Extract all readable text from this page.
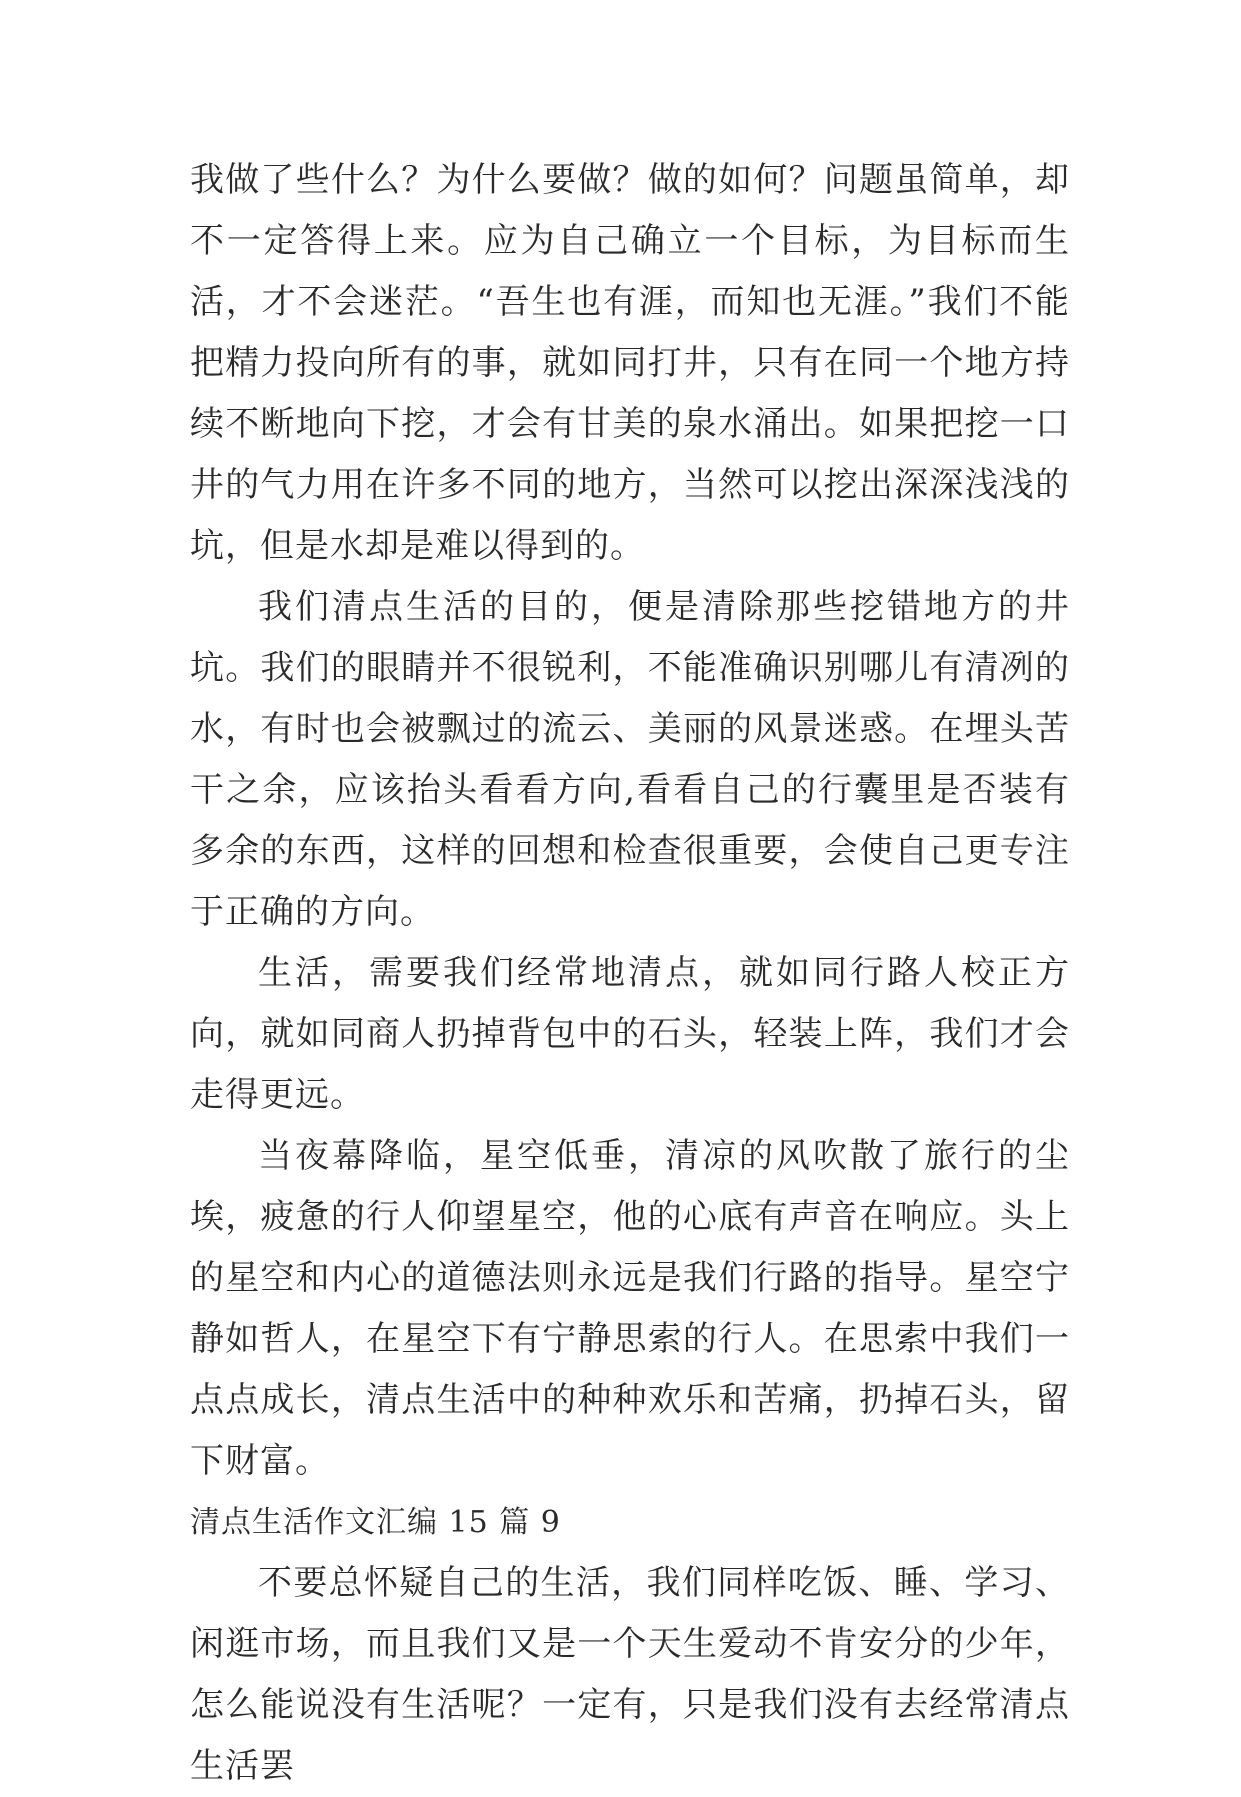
我做了些什么？为什么要做？做的如何？问题虽简单，却不一定答得上来。应为自己确立一个目标，为目标而生活，才不会迷茫。“吾生也有涯，而知也无涯。”我们不能把精力投向所有的事，就如同打井，只有在同一个地方持续不断地向下挖，才会有甘美的泉水涌出。如果把挖一口井的气力用在许多不同的地方，当然可以挖出深深浅浅的坑，但是水却是难以得到的。

我们清点生活的目的，便是清除那些挖错地方的井坑。我们的眼睛并不很锐利，不能准确识别哪儿有清冽的水，有时也会被飘过的流云、美丽的风景迷惑。在埋头苦干之余，应该抬头看看方向,看看自己的行囊里是否装有多余的东西，这样的回想和检查很重要，会使自己更专注于正确的方向。

生活，需要我们经常地清点，就如同行路人校正方向，就如同商人扔掉背包中的石头，轻装上阵，我们才会走得更远。

当夜幕降临，星空低垂，清凉的风吹散了旅行的尘埃，疲惫的行人仰望星空，他的心底有声音在响应。头上的星空和内心的道德法则永远是我们行路的指导。星空宁静如哲人，在星空下有宁静思索的行人。在思索中我们一点点成长，清点生活中的种种欢乐和苦痛，扔掉石头，留下财富。

清点生活作文汇编 15 篇 9

不要总怀疑自己的生活，我们同样吃饭、睡、学习、闲逛市场，而且我们又是一个天生爱动不肯安分的少年，怎么能说没有生活呢？一定有，只是我们没有去经常清点生活罢
